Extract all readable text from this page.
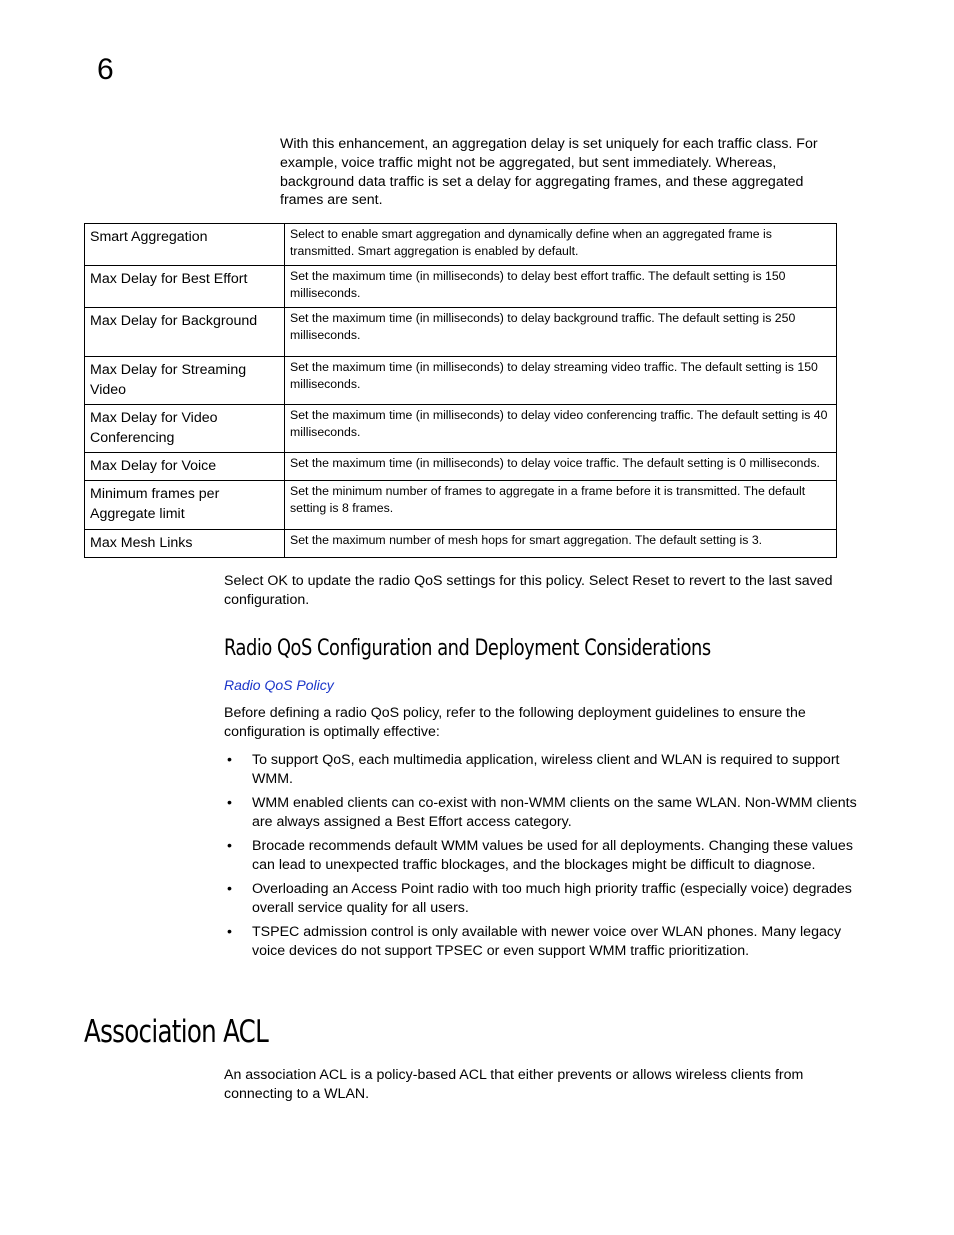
6

With this enhancement, an aggregation delay is set uniquely for each traffic class. For example, voice traffic might not be aggregated, but sent immediately. Whereas, background data traffic is set a delay for aggregating frames, and these aggregated frames are sent.

Smart Aggregation	Select to enable smart aggregation and dynamically define when an aggregated frame is transmitted. Smart aggregation is enabled by default.
Max Delay for Best Effort	Set the maximum time (in milliseconds) to delay best effort traffic. The default setting is 150 milliseconds.
Max Delay for Background	Set the maximum time (in milliseconds) to delay background traffic. The default setting is 250 milliseconds.
Max Delay for Streaming Video	Set the maximum time (in milliseconds) to delay streaming video traffic. The default setting is 150 milliseconds.
Max Delay for Video Conferencing	Set the maximum time (in milliseconds) to delay video conferencing traffic. The default setting is 40 milliseconds.
Max Delay for Voice	Set the maximum time (in milliseconds) to delay voice traffic. The default setting is 0 milliseconds.
Minimum frames per Aggregate limit	Set the minimum number of frames to aggregate in a frame before it is transmitted. The default setting is 8 frames.
Max Mesh Links	Set the maximum number of mesh hops for smart aggregation. The default setting is 3.

Select OK to update the radio QoS settings for this policy. Select Reset to revert to the last saved configuration.

Radio QoS Configuration and Deployment Considerations
Radio QoS Policy

Before defining a radio QoS policy, refer to the following deployment guidelines to ensure the configuration is optimally effective:

• To support QoS, each multimedia application, wireless client and WLAN is required to support WMM.
• WMM enabled clients can co-exist with non-WMM clients on the same WLAN. Non-WMM clients are always assigned a Best Effort access category.
• Brocade recommends default WMM values be used for all deployments. Changing these values can lead to unexpected traffic blockages, and the blockages might be difficult to diagnose.
• Overloading an Access Point radio with too much high priority traffic (especially voice) degrades overall service quality for all users.
• TSPEC admission control is only available with newer voice over WLAN phones. Many legacy voice devices do not support TPSEC or even support WMM traffic prioritization.
Association ACL

An association ACL is a policy-based ACL that either prevents or allows wireless clients from connecting to a WLAN.
